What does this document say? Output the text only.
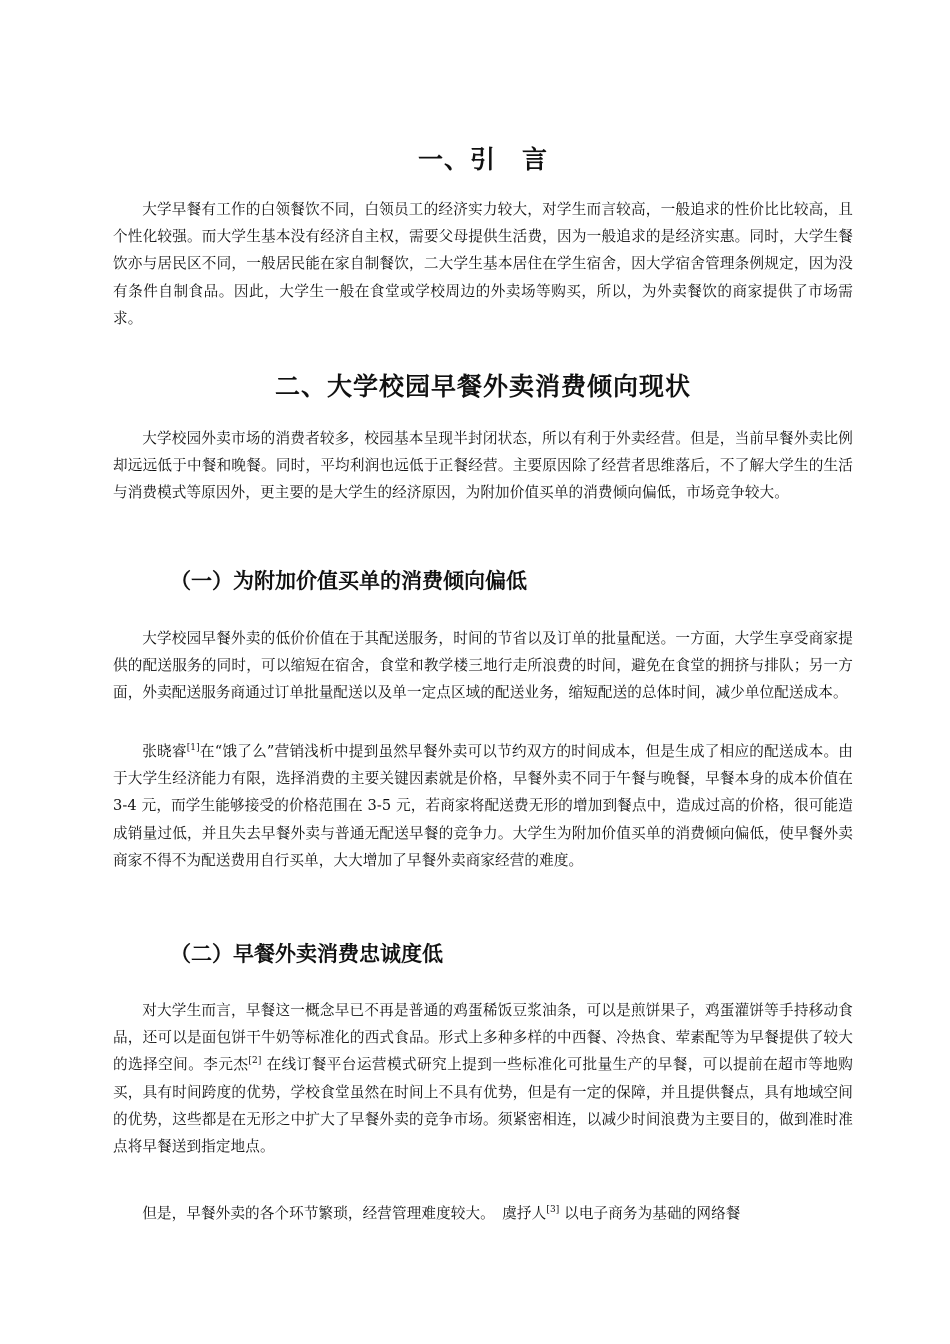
一、引　言

大学早餐有工作的白领餐饮不同，白领员工的经济实力较大，对学生而言较高，一般追求的性价比比较高，且个性化较强。而大学生基本没有经济自主权，需要父母提供生活费，因为一般追求的是经济实惠。同时，大学生餐饮亦与居民区不同，一般居民能在家自制餐饮，二大学生基本居住在学生宿舍，因大学宿舍管理条例规定，因为没有条件自制食品。因此，大学生一般在食堂或学校周边的外卖场等购买，所以，为外卖餐饮的商家提供了市场需求。

二、大学校园早餐外卖消费倾向现状

大学校园外卖市场的消费者较多，校园基本呈现半封闭状态，所以有利于外卖经营。但是，当前早餐外卖比例却远远低于中餐和晚餐。同时，平均利润也远低于正餐经营。主要原因除了经营者思维落后，不了解大学生的生活与消费模式等原因外，更主要的是大学生的经济原因，为附加价值买单的消费倾向偏低，市场竞争较大。

（一）为附加价值买单的消费倾向偏低

大学校园早餐外卖的低价价值在于其配送服务，时间的节省以及订单的批量配送。一方面，大学生享受商家提供的配送服务的同时，可以缩短在宿舍，食堂和教学楼三地行走所浪费的时间，避免在食堂的拥挤与排队；另一方面，外卖配送服务商通过订单批量配送以及单一定点区域的配送业务，缩短配送的总体时间，减少单位配送成本。

张晓睿[1]在“饿了么”营销浅析中提到虽然早餐外卖可以节约双方的时间成本，但是生成了相应的配送成本。由于大学生经济能力有限，选择消费的主要关键因素就是价格，早餐外卖不同于午餐与晚餐，早餐本身的成本价值在 3-4 元，而学生能够接受的价格范围在 3-5 元，若商家将配送费无形的增加到餐点中，造成过高的价格，很可能造成销量过低，并且失去早餐外卖与普通无配送早餐的竞争力。大学生为附加价值买单的消费倾向偏低，使早餐外卖商家不得不为配送费用自行买单，大大增加了早餐外卖商家经营的难度。

（二）早餐外卖消费忠诚度低

对大学生而言，早餐这一概念早已不再是普通的鸡蛋稀饭豆浆油条，可以是煎饼果子，鸡蛋灌饼等手持移动食品，还可以是面包饼干牛奶等标准化的西式食品。形式上多种多样的中西餐、冷热食、荤素配等为早餐提供了较大的选择空间。李元杰[2] 在线订餐平台运营模式研究上提到一些标准化可批量生产的早餐，可以提前在超市等地购买，具有时间跨度的优势，学校食堂虽然在时间上不具有优势，但是有一定的保障，并且提供餐点，具有地域空间的优势，这些都是在无形之中扩大了早餐外卖的竞争市场。须紧密相连，以减少时间浪费为主要目的，做到准时准点将早餐送到指定地点。

但是，早餐外卖的各个环节繁琐，经营管理难度较大。　虞抒人[3] 以电子商务为基础的网络餐
